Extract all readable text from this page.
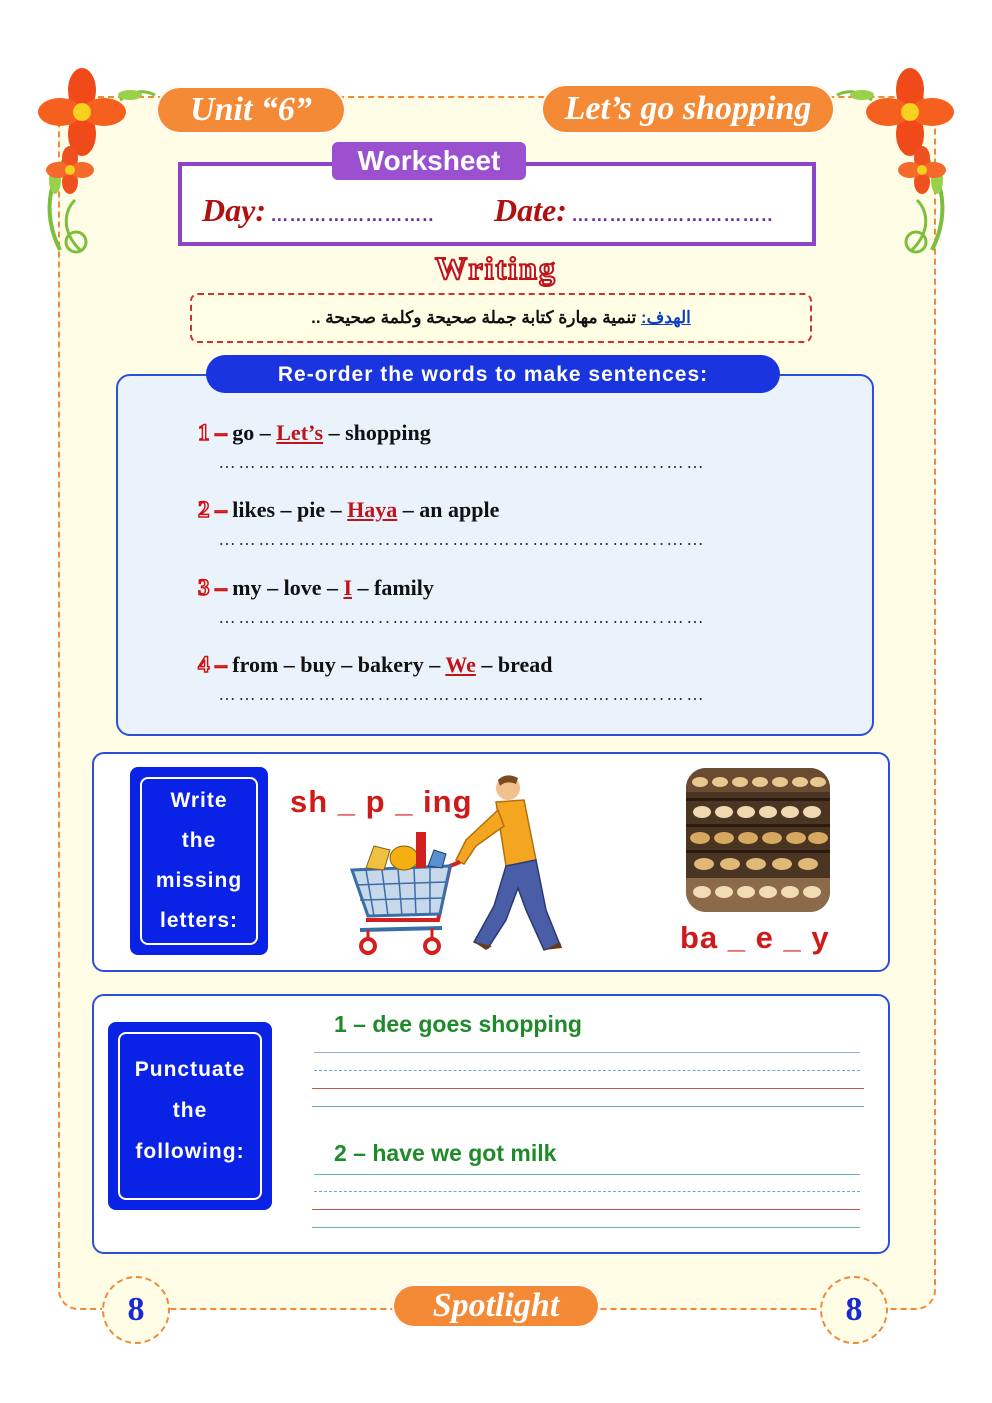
Unit “6”	Let’s go shopping
Day: …………………….. Date: …………………………..
Worksheet
Writing
الهدف: تنمية مهارة كتابة جملة صحيحة وكلمة صحيحة ..
Re-order the words to make sentences:
1 – go – Let’s – shopping
……………………..…………………………………..……
2 – likes – pie – Haya – an apple
……………………..…………………………………..……
3 – my – love – I – family
……………………..…………………………………..……
4 – from – buy – bakery – We – bread
……………………..…………………………………..……
Write
the
missing
letters:
sh _ p _ ing
ba _ e _ y
Punctuate
the
following:
1 – dee goes shopping
2 – have we got milk
8	Spotlight	8
